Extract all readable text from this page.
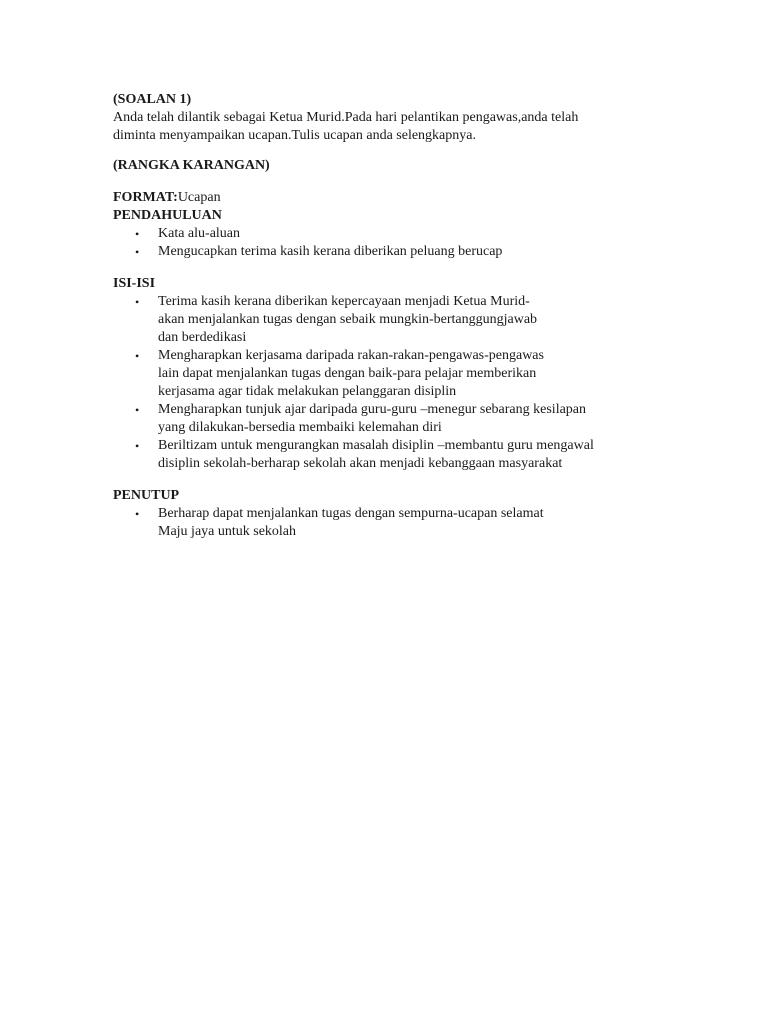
(SOALAN 1)
Anda telah dilantik sebagai Ketua Murid.Pada hari pelantikan pengawas,anda telah
diminta menyampaikan ucapan.Tulis ucapan anda selengkapnya.
(RANGKA KARANGAN)
FORMAT:Ucapan
PENDAHULUAN
•
Kata alu-aluan
•
Mengucapkan terima kasih kerana diberikan peluang berucap
ISI-ISI
•
Terima kasih kerana diberikan kepercayaan menjadi Ketua Murid-
akan menjalankan tugas dengan sebaik mungkin-bertanggungjawab
dan berdedikasi
•
Mengharapkan kerjasama daripada rakan-rakan-pengawas-pengawas
lain dapat menjalankan tugas dengan baik-para pelajar memberikan
kerjasama agar tidak melakukan pelanggaran disiplin
•
Mengharapkan tunjuk ajar daripada guru-guru –menegur sebarang kesilapan
yang dilakukan-bersedia membaiki kelemahan diri
•
Beriltizam untuk mengurangkan masalah disiplin –membantu guru mengawal
disiplin sekolah-berharap sekolah akan menjadi kebanggaan masyarakat
PENUTUP
•
Berharap dapat menjalankan tugas dengan sempurna-ucapan selamat
Maju jaya untuk sekolah
